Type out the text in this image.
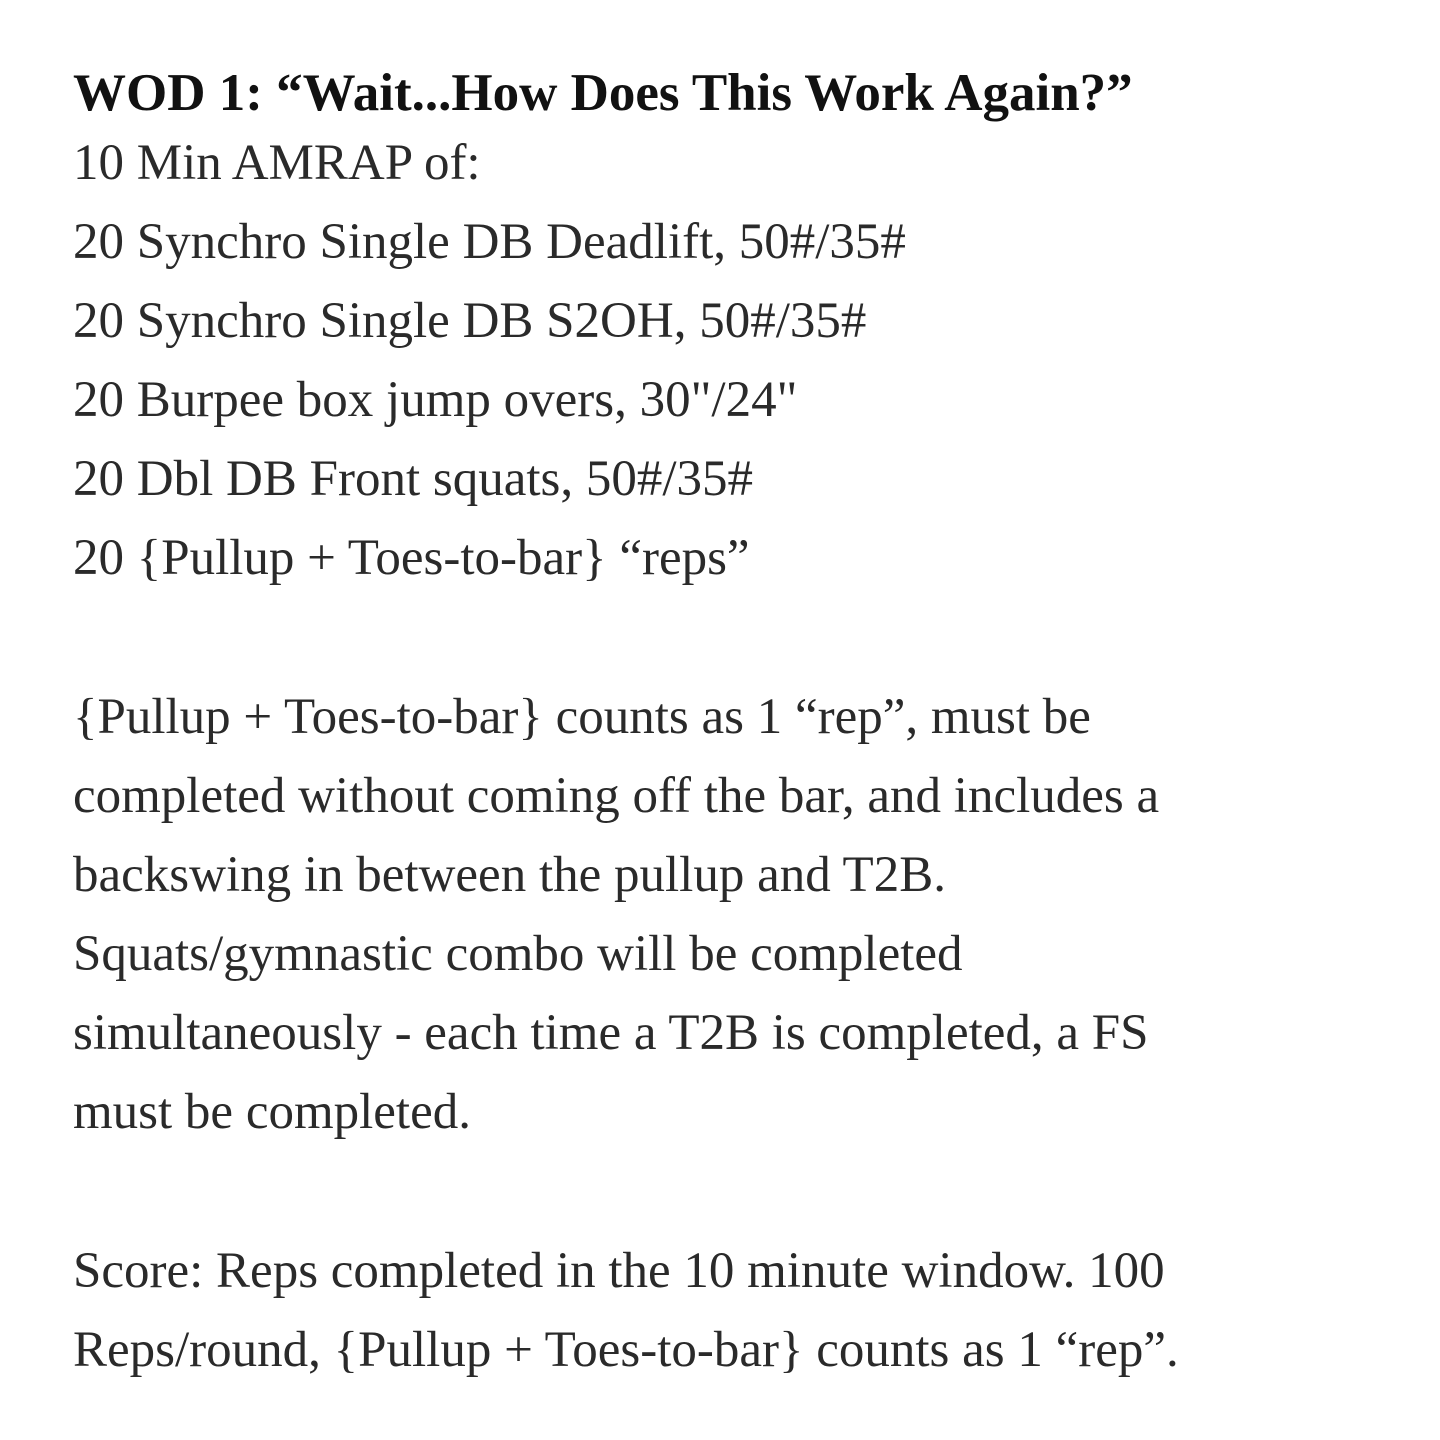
WOD 1: “Wait...How Does This Work Again?”
10 Min AMRAP of:
20 Synchro Single DB Deadlift, 50#/35#
20 Synchro Single DB S2OH, 50#/35#
20 Burpee box jump overs, 30"/24"
20 Dbl DB Front squats, 50#/35#
20 {Pullup + Toes-to-bar} “reps”
{Pullup + Toes-to-bar} counts as 1 “rep”, must be
completed without coming off the bar, and includes a
backswing in between the pullup and T2B.
Squats/gymnastic combo will be completed
simultaneously - each time a T2B is completed, a FS
must be completed.
Score: Reps completed in the 10 minute window. 100
Reps/round, {Pullup + Toes-to-bar} counts as 1 “rep”.
